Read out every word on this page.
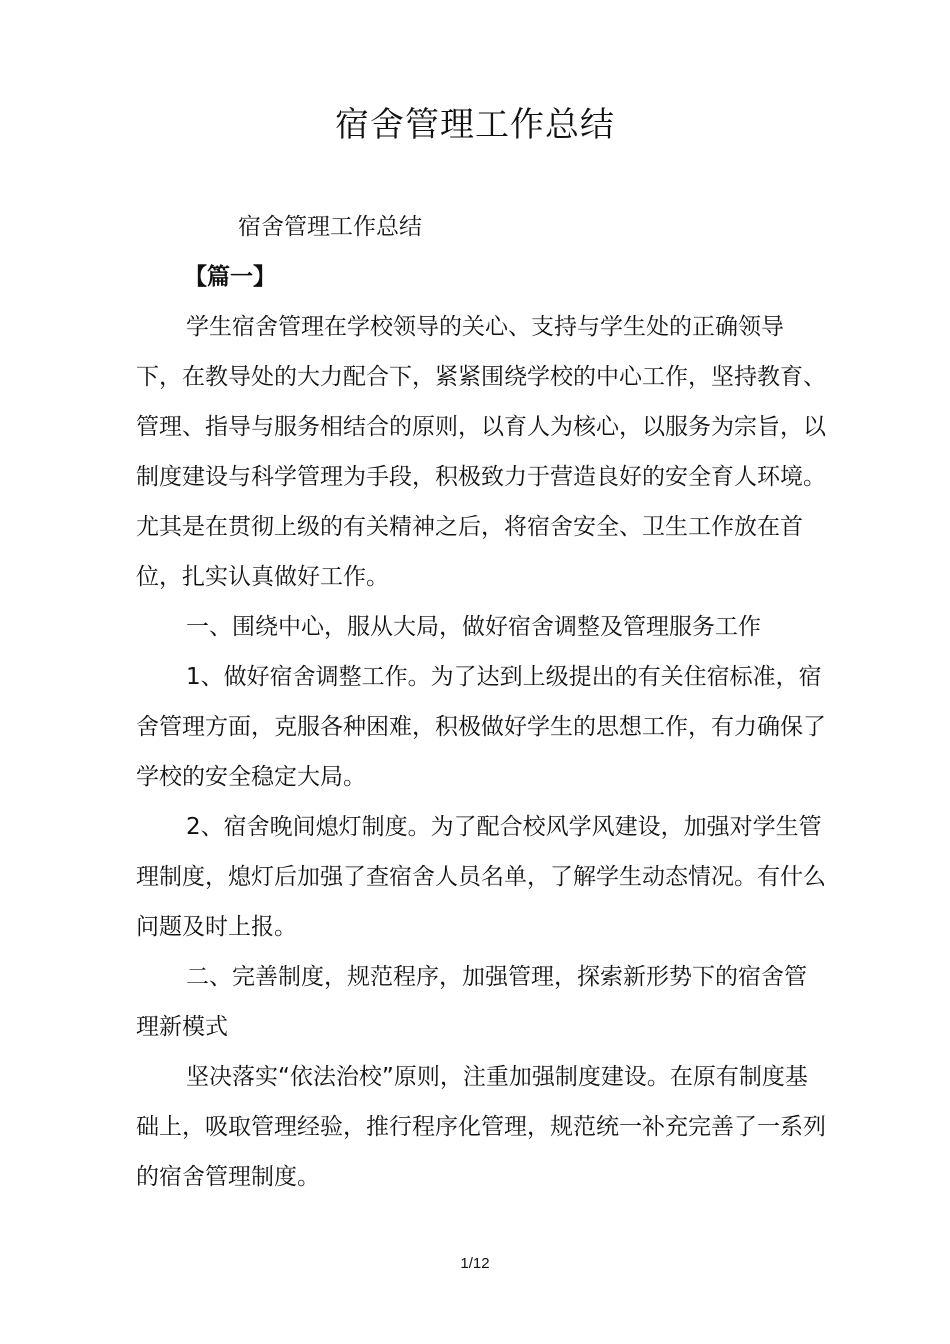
宿舍管理工作总结

宿舍管理工作总结

【篇一】

学生宿舍管理在学校领导的关心、支持与学生处的正确领导下，在教导处的大力配合下，紧紧围绕学校的中心工作，坚持教育、管理、指导与服务相结合的原则，以育人为核心，以服务为宗旨，以制度建设与科学管理为手段，积极致力于营造良好的安全育人环境。尤其是在贯彻上级的有关精神之后，将宿舍安全、卫生工作放在首位，扎实认真做好工作。

一、围绕中心，服从大局，做好宿舍调整及管理服务工作

1、做好宿舍调整工作。为了达到上级提出的有关住宿标准，宿舍管理方面，克服各种困难，积极做好学生的思想工作，有力确保了学校的安全稳定大局。

2、宿舍晚间熄灯制度。为了配合校风学风建设，加强对学生管理制度，熄灯后加强了查宿舍人员名单，了解学生动态情况。有什么问题及时上报。

二、完善制度，规范程序，加强管理，探索新形势下的宿舍管理新模式

坚决落实“依法治校”原则，注重加强制度建设。在原有制度基础上，吸取管理经验，推行程序化管理，规范统一补充完善了一系列的宿舍管理制度。

1/12
